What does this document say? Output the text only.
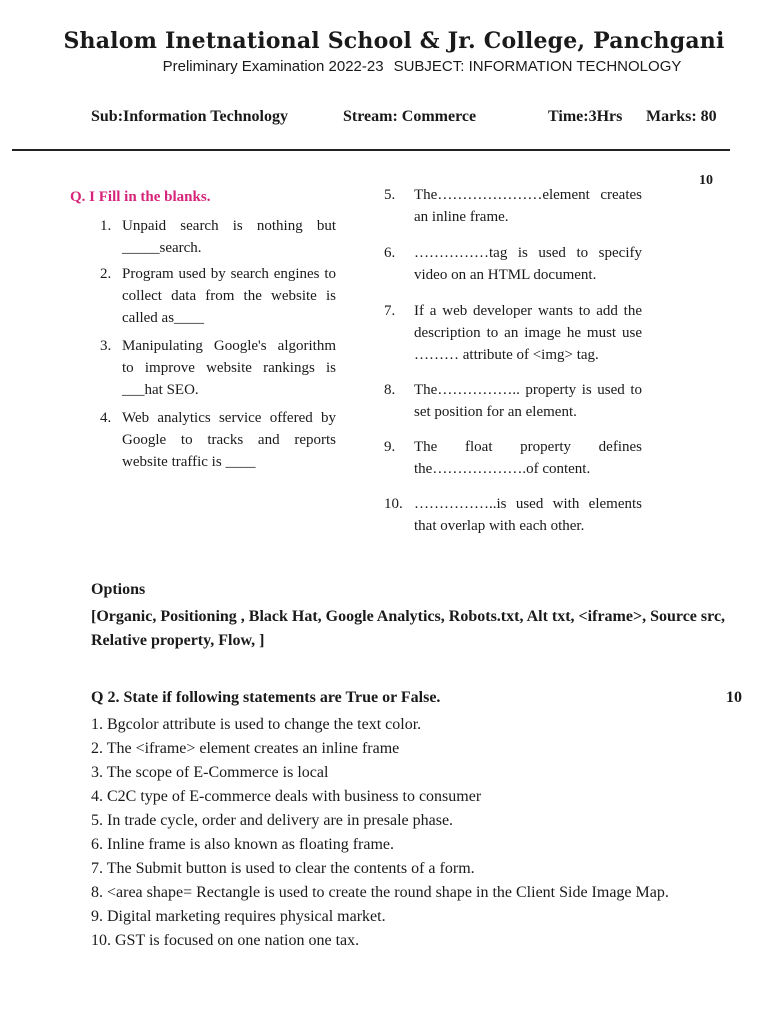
Shalom Inetnational School & Jr. College, Panchgani
Preliminary Examination 2022-23 SUBJECT: INFORMATION TECHNOLOGY
Sub:Information Technology	Stream: Commerce	Time:3Hrs Marks: 80
10
Q. I Fill in the blanks.
1. Unpaid search is nothing but _____search.
2. Program used by search engines to collect data from the website is called as____
3. Manipulating Google's algorithm to improve website rankings is ___hat SEO.
4. Web analytics service offered by Google to tracks and reports website traffic is ____
5.	The…………………element creates an inline frame.
6.	……………tag is used to specify video on an HTML document.
7.	If a web developer wants to add the description to an image he must use ……… attribute of <img> tag.
8.	The…………….. property is used to set position for an element.
9.	The float property defines the……………….of content.
10. ……………..is used with elements that overlap with each other.
Options
[Organic, Positioning , Black Hat, Google Analytics, Robots.txt, Alt txt, <iframe>, Source src, Relative property, Flow, ]
Q 2. State if following statements are True or False.	10
1. Bgcolor attribute is used to change the text color.
2. The <iframe> element creates an inline frame
3. The scope of E-Commerce is local
4. C2C type of E-commerce deals with business to consumer
5. In trade cycle, order and delivery are in presale phase.
6. Inline frame is also known as floating frame.
7. The Submit button is used to clear the contents of a form.
8. <area shape= Rectangle is used to create the round shape in the Client Side Image Map.
9. Digital marketing requires physical market.
10. GST is focused on one nation one tax.
